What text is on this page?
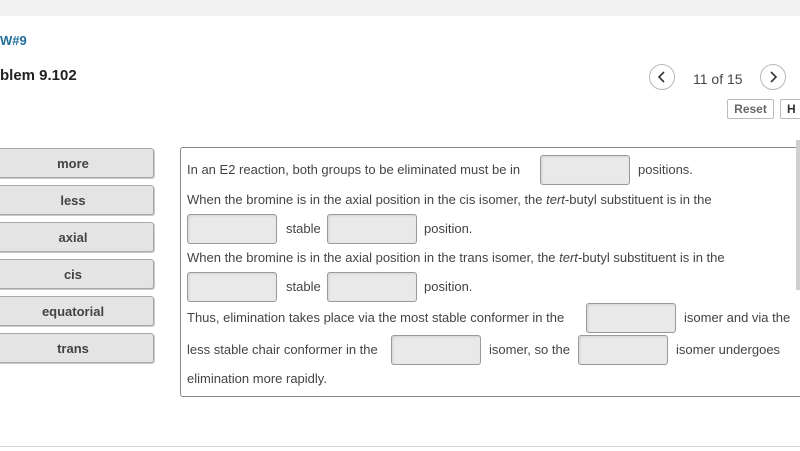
W#9
blem 9.102	11 of 15
Reset	H
more
less
axial
cis
equatorial
trans
In an E2 reaction, both groups to be eliminated must be in	positions.
When the bromine is in the axial position in the cis isomer, the tert-butyl substituent is in the
stable	position.
When the bromine is in the axial position in the trans isomer, the tert-butyl substituent is in the
stable	position.
Thus, elimination takes place via the most stable conformer in the	isomer and via the
less stable chair conformer in the	isomer, so the	isomer undergoes
elimination more rapidly.
